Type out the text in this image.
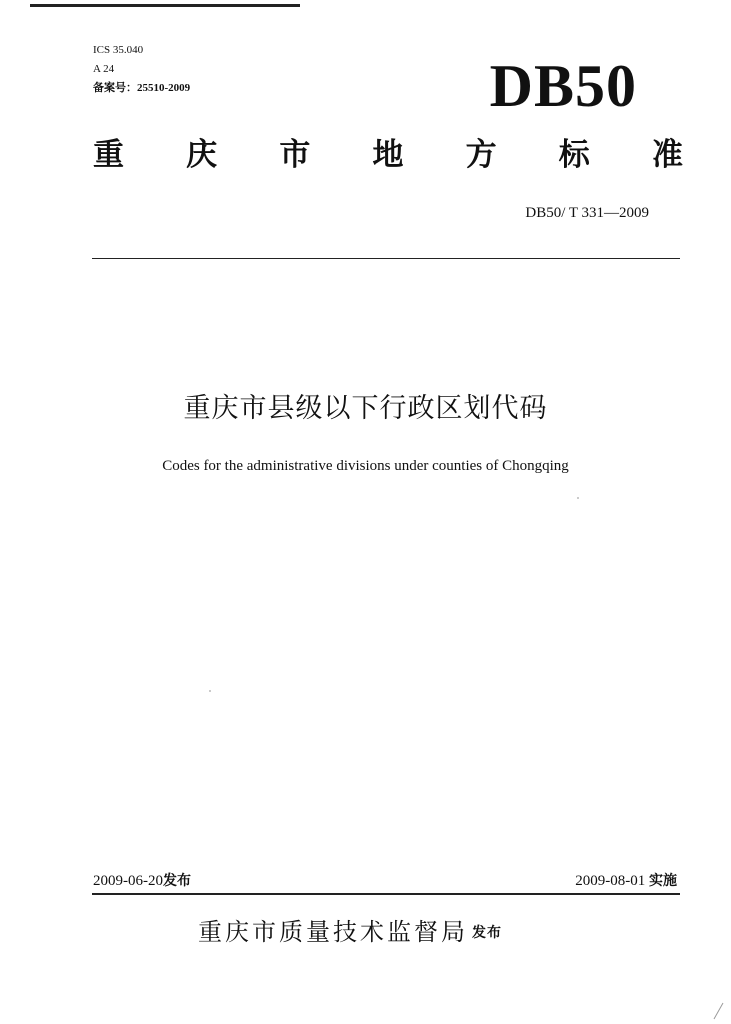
ICS 35.040
A 24
备案号：25510-2009	DB50
重 庆 市 地 方 标 准
DB50/ T 331—2009
重庆市县级以下行政区划代码
Codes for the administrative divisions under counties of Chongqing
2009-06-20发布	2009-08-01 实施
重庆市质量技术监督局 发布
